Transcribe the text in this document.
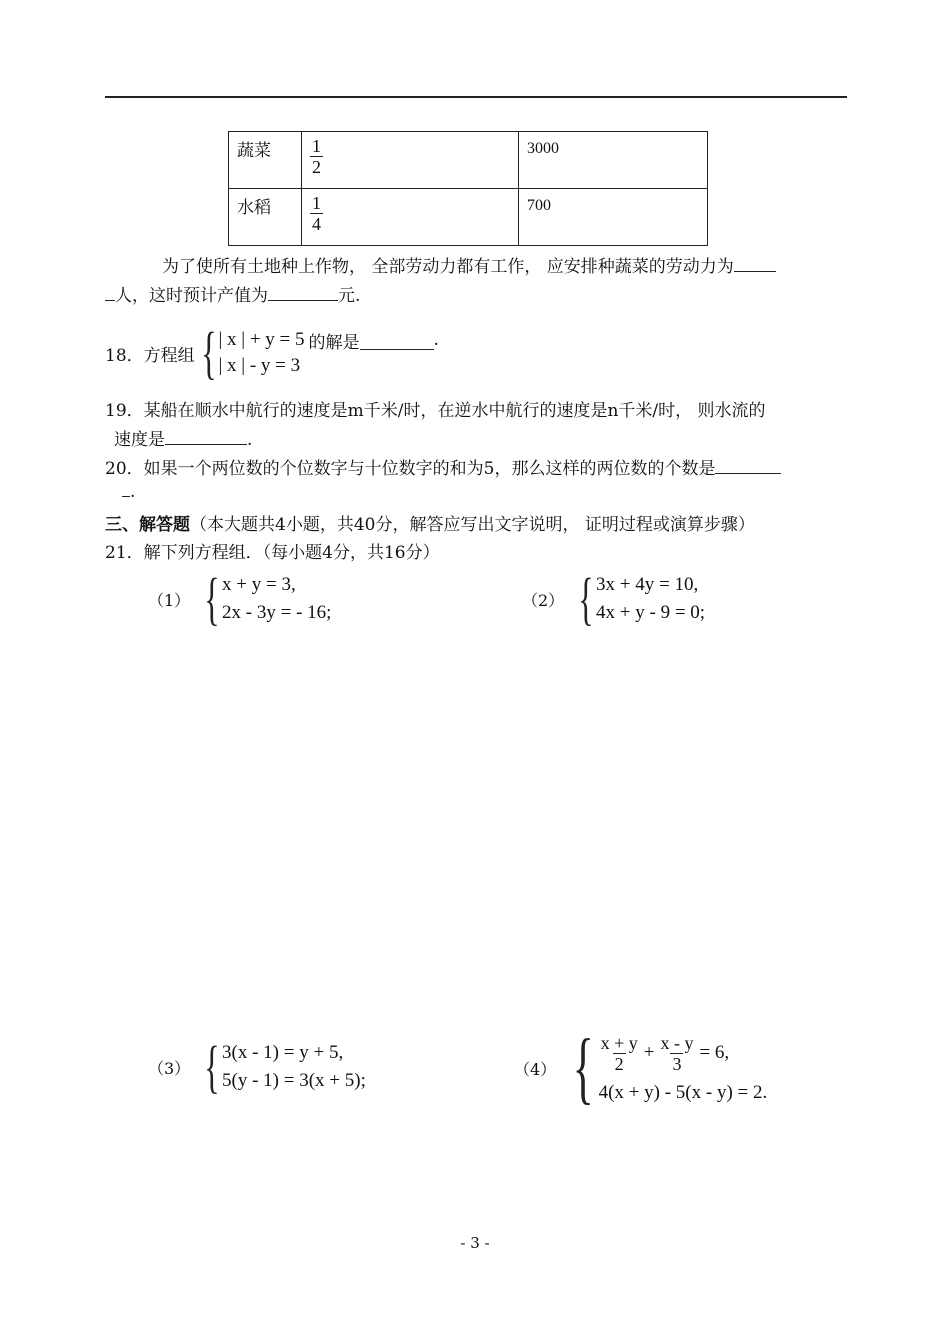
蔬菜	$\frac{1}{2}$	3000
水稻	$\frac{1}{4}$	700
为了使所有土地种上作物， 全部劳动力都有工作， 应安排种蔬菜的劳动力为
人，这时预计产值为	元.
18．方程组 { | x | + y = 5
| x | - y = 3
的解是	.
19．某船在顺水中航行的速度是m千米/时，在逆水中航行的速度是n千米/时， 则水流的
速度是	.
20．如果一个两位数的个位数字与十位数字的和为5，那么这样的两位数的个数是
.
三、解答题（本大题共4小题，共40分，解答应写出文字说明， 证明过程或演算步骤）
21．解下列方程组．（每小题4分，共16分）
（1） { x + y = 3,
2x - 3y = - 16;
（2） { 3x + 4y = 10,
4x + y - 9 = 0;
（3） { 3(x - 1) = y + 5,
5(y - 1) = 3(x + 5);
（4） { $\frac{x + y}{2} + \frac{x - y}{3} = 6$,
4(x + y) - 5(x - y) = 2.
- 3 -
